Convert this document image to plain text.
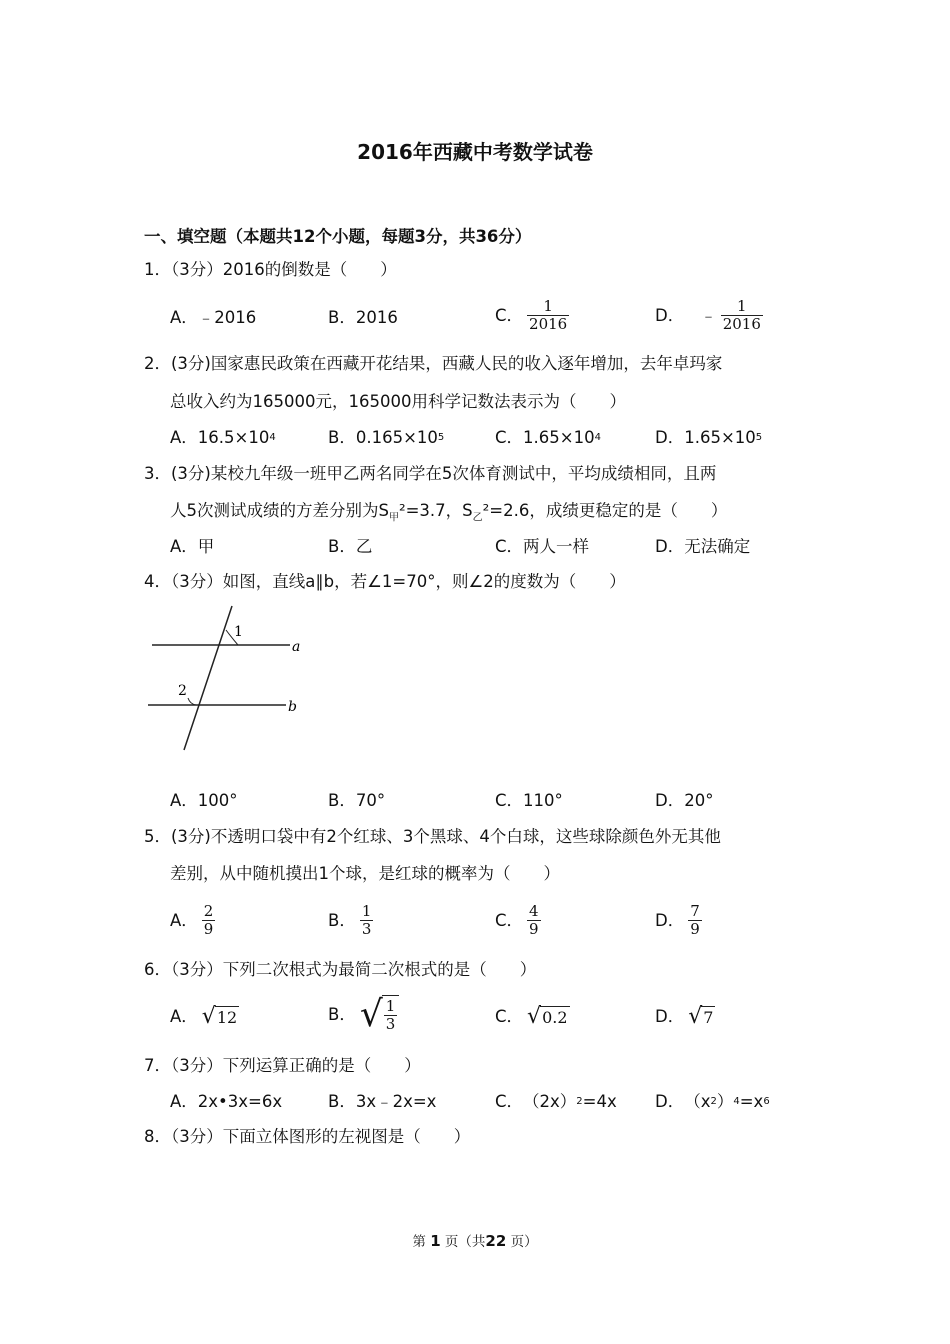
2016年西藏中考数学试卷
一、填空题（本题共12个小题，每题3分，共36分）
1．（3分）2016的倒数是（　　）
A． ﹣2016	B． 2016	C． $\frac{1}{2016}$	D． ﹣ $\frac{1}{2016}$
2．(3分)国家惠民政策在西藏开花结果，西藏人民的收入逐年增加，去年卓玛家
总收入约为165000元，165000用科学记数法表示为（　　）
A． 16.5×10 4	B． 0.165×10 5	C． 1.65×10 4	D． 1.65×10 5
3．(3分)某校九年级一班甲乙两名同学在5次体育测试中，平均成绩相同，且两
人5次测试成绩的方差分别为$S_甲^2=3.7$，$S_乙^2=2.6$，成绩更稳定的是（　　）
A． 甲	B． 乙	C． 两人一样	D． 无法确定
4．（3分）如图，直线a∥b，若∠1=70°，则∠2的度数为（　　）
1
2
a
b
A． 100°	B． 70°	C． 110°	D． 20°
5．(3分)不透明口袋中有2个红球、3个黑球、4个白球，这些球除颜色外无其他
差别，从中随机摸出1个球，是红球的概率为（　　）
A． $\frac{2}{9}$	B． $\frac{1}{3}$	C． $\frac{4}{9}$	D． $\frac{7}{9}$
6．（3分）下列二次根式为最简二次根式的是（　　）
A． √ 12	B． √ $\frac{1}{3}$	C． √ 0.2	D． √ 7
7．（3分）下列运算正确的是（　　）
A． 2x•3x=6x	B． 3x﹣2x=x	C． （2x） 2 =4x D． （x 2 ） 4 =x 6
8．（3分）下面立体图形的左视图是（　　）
第 1 页（共22 页）
